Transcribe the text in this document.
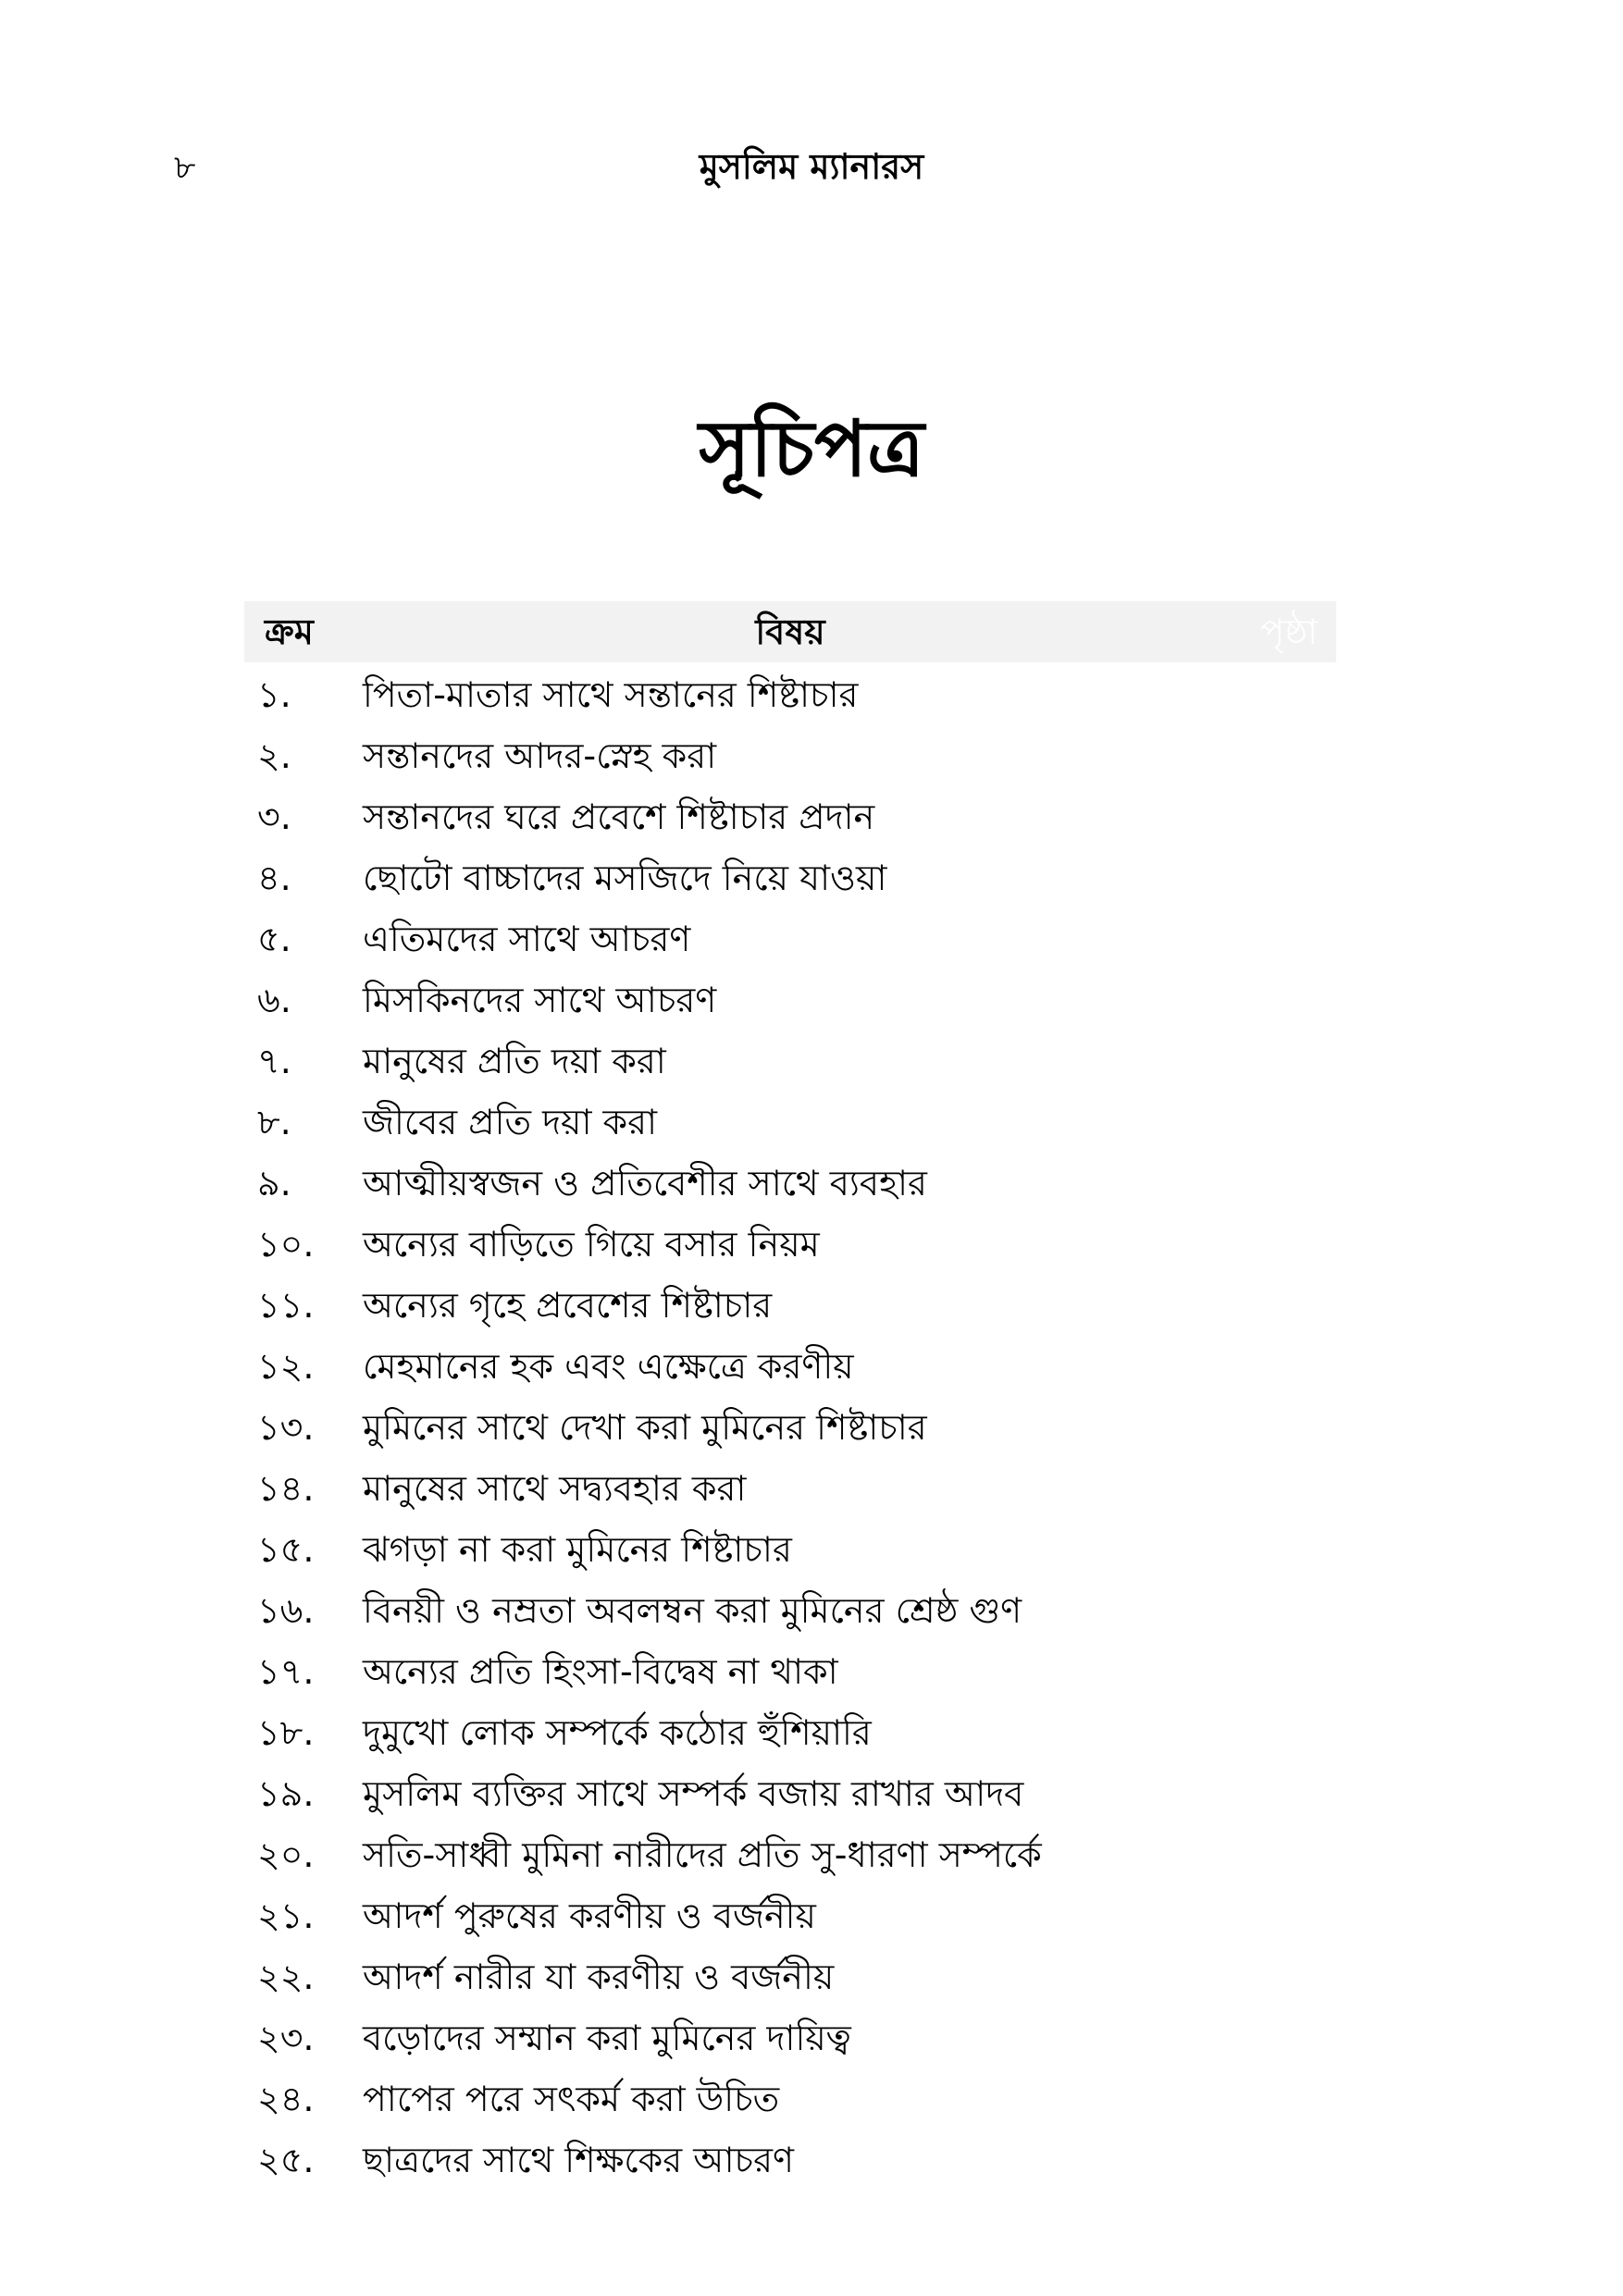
৮	মুসলিম ম্যানারস
সূচিপত্র
ক্রম	বিষয়	পৃষ্ঠা
১. পিতা-মাতার সাথে সন্তানের শিষ্টাচার
২. সন্তানদের আদর-স্নেহ করা
৩. সন্তানদের ঘরে প্রবেশে শিষ্টাচার প্রদান
৪. ছোটো বাচ্চাদের মসজিদে নিয়ে যাওয়া
৫. এতিমদের সাথে আচরণ
৬. মিসকিনদের সাথে আচরণ
৭. মানুষের প্রতি দয়া করা
৮. জীবের প্রতি দয়া করা
৯. আত্মীয়স্বজন ও প্রতিবেশীর সাথে ব্যবহার
১০. অন্যের বাড়িতে গিয়ে বসার নিয়ম
১১. অন্যের গৃহে প্রবেশের শিষ্টাচার
১২. মেহমানের হক এবং এক্ষেত্রে করণীয়
১৩. মুমিনের সাথে দেখা করা মুমিনের শিষ্টাচার
১৪. মানুষের সাথে সদ্ব্যবহার করা
১৫. ঝগড়া না করা মুমিনের শিষ্টাচার
১৬. বিনয়ী ও নম্রতা অবলম্বন করা মুমিনের শ্রেষ্ঠ গুণ
১৭. অন্যের প্রতি হিংসা-বিদ্বেষ না থাকা
১৮. দুমুখো লোক সম্পর্কে কঠোর হুঁশিয়ারি
১৯. মুসলিম ব্যক্তির সাথে সম্পর্ক বজায় রাখার আদব
২০. সতি-সাধ্বী মুমিনা নারীদের প্রতি সু-ধারণা সম্পর্কে
২১. আদর্শ পুরুষের করণীয় ও বর্জনীয়
২২. আদর্শ নারীর যা করণীয় ও বর্জনীয়
২৩. বড়োদের সম্মান করা মুমিনের দায়িত্ব
২৪. পাপের পরে সৎকর্ম করা উচিত
২৫. ছাত্রদের সাথে শিক্ষকের আচরণ
